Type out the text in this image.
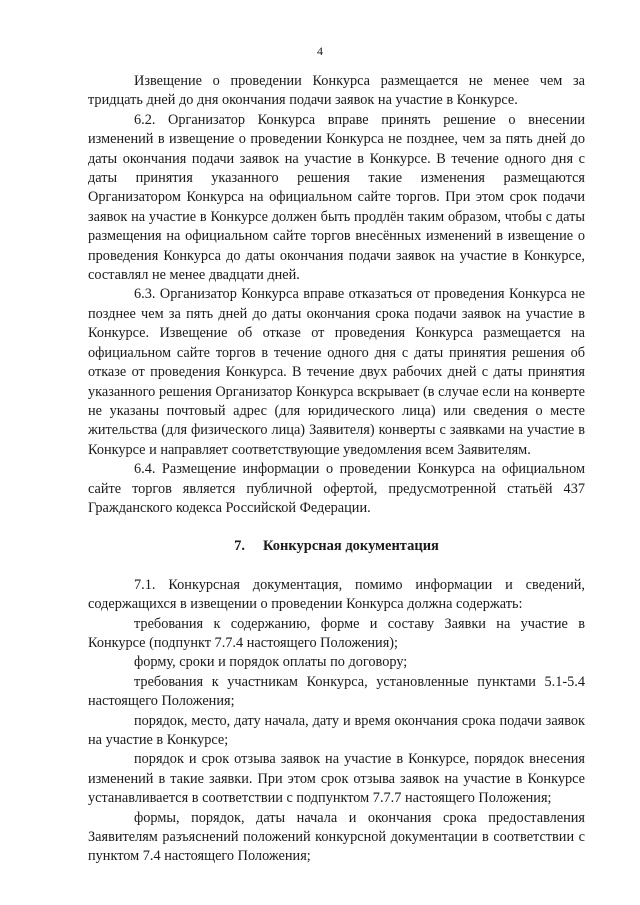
4

Извещение о проведении Конкурса размещается не менее чем за тридцать дней до дня окончания подачи заявок на участие в Конкурсе.

6.2. Организатор Конкурса вправе принять решение о внесении изменений в извещение о проведении Конкурса не позднее, чем за пять дней до даты окончания подачи заявок на участие в Конкурсе. В течение одного дня с даты принятия указанного решения такие изменения размещаются Организатором Конкурса на официальном сайте торгов. При этом срок подачи заявок на участие в Конкурсе должен быть продлён таким образом, чтобы с даты размещения на официальном сайте торгов внесённых изменений в извещение о проведения Конкурса до даты окончания подачи заявок на участие в Конкурсе, составлял не менее двадцати дней.

6.3. Организатор Конкурса вправе отказаться от проведения Конкурса не позднее чем за пять дней до даты окончания срока подачи заявок на участие в Конкурсе. Извещение об отказе от проведения Конкурса размещается на официальном сайте торгов в течение одного дня с даты принятия решения об отказе от проведения Конкурса. В течение двух рабочих дней с даты принятия указанного решения Организатор Конкурса вскрывает (в случае если на конверте не указаны почтовый адрес (для юридического лица) или сведения о месте жительства (для физического лица) Заявителя) конверты с заявками на участие в Конкурсе и направляет соответствующие уведомления всем Заявителям.

6.4. Размещение информации о проведении Конкурса на официальном сайте торгов является публичной офертой, предусмотренной статьёй 437 Гражданского кодекса Российской Федерации.

7. Конкурсная документация

7.1. Конкурсная документация, помимо информации и сведений, содержащихся в извещении о проведении Конкурса должна содержать:

требования к содержанию, форме и составу Заявки на участие в Конкурсе (подпункт 7.7.4 настоящего Положения);

форму, сроки и порядок оплаты по договору;

требования к участникам Конкурса, установленные пунктами 5.1-5.4 настоящего Положения;

порядок, место, дату начала, дату и время окончания срока подачи заявок на участие в Конкурсе;

порядок и срок отзыва заявок на участие в Конкурсе, порядок внесения изменений в такие заявки. При этом срок отзыва заявок на участие в Конкурсе устанавливается в соответствии с подпунктом 7.7.7 настоящего Положения;

формы, порядок, даты начала и окончания срока предоставления Заявителям разъяснений положений конкурсной документации в соответствии с пунктом 7.4 настоящего Положения;
